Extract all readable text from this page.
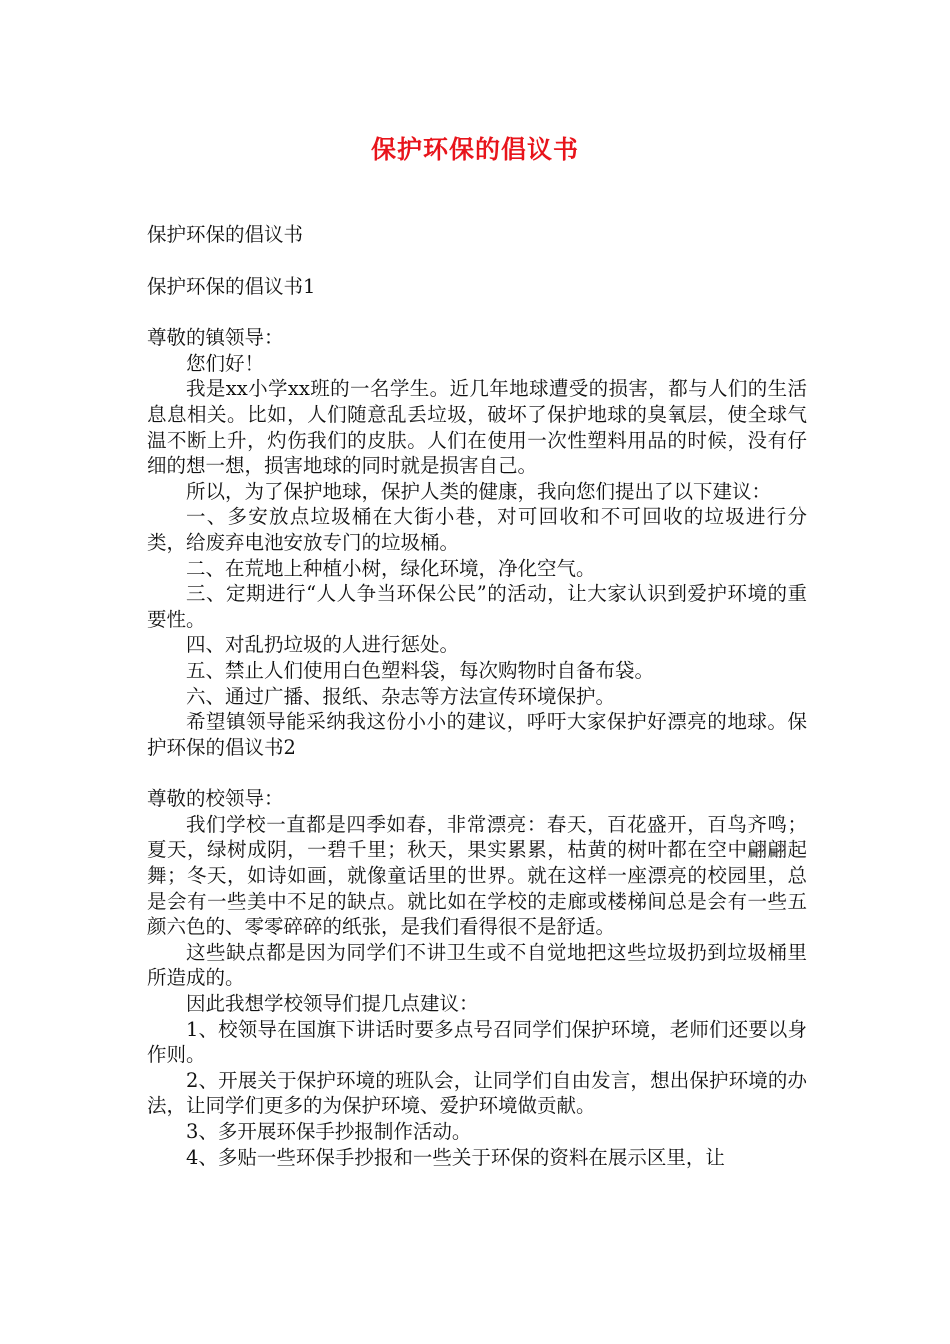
保护环保的倡议书

保护环保的倡议书

保护环保的倡议书1

尊敬的镇领导：

您们好！

我是xx小学xx班的一名学生。近几年地球遭受的损害，都与人们的生活息息相关。比如，人们随意乱丢垃圾，破坏了保护地球的臭氧层，使全球气温不断上升，灼伤我们的皮肤。人们在使用一次性塑料用品的时候，没有仔细的想一想，损害地球的同时就是损害自己。

所以，为了保护地球，保护人类的健康，我向您们提出了以下建议：

一、多安放点垃圾桶在大街小巷，对可回收和不可回收的垃圾进行分类，给废弃电池安放专门的垃圾桶。

二、在荒地上种植小树，绿化环境，净化空气。

三、定期进行“人人争当环保公民”的活动，让大家认识到爱护环境的重要性。

四、对乱扔垃圾的人进行惩处。

五、禁止人们使用白色塑料袋，每次购物时自备布袋。

六、通过广播、报纸、杂志等方法宣传环境保护。

希望镇领导能采纳我这份小小的建议，呼吁大家保护好漂亮的地球。保护环保的倡议书2

尊敬的校领导：

我们学校一直都是四季如春，非常漂亮：春天，百花盛开，百鸟齐鸣；夏天，绿树成阴，一碧千里；秋天，果实累累，枯黄的树叶都在空中翩翩起舞；冬天，如诗如画，就像童话里的世界。就在这样一座漂亮的校园里，总是会有一些美中不足的缺点。就比如在学校的走廊或楼梯间总是会有一些五颜六色的、零零碎碎的纸张，是我们看得很不是舒适。

这些缺点都是因为同学们不讲卫生或不自觉地把这些垃圾扔到垃圾桶里所造成的。

因此我想学校领导们提几点建议：

1、校领导在国旗下讲话时要多点号召同学们保护环境，老师们还要以身作则。

2、开展关于保护环境的班队会，让同学们自由发言，想出保护环境的办法，让同学们更多的为保护环境、爱护环境做贡献。

3、多开展环保手抄报制作活动。

4、多贴一些环保手抄报和一些关于环保的资料在展示区里，让
